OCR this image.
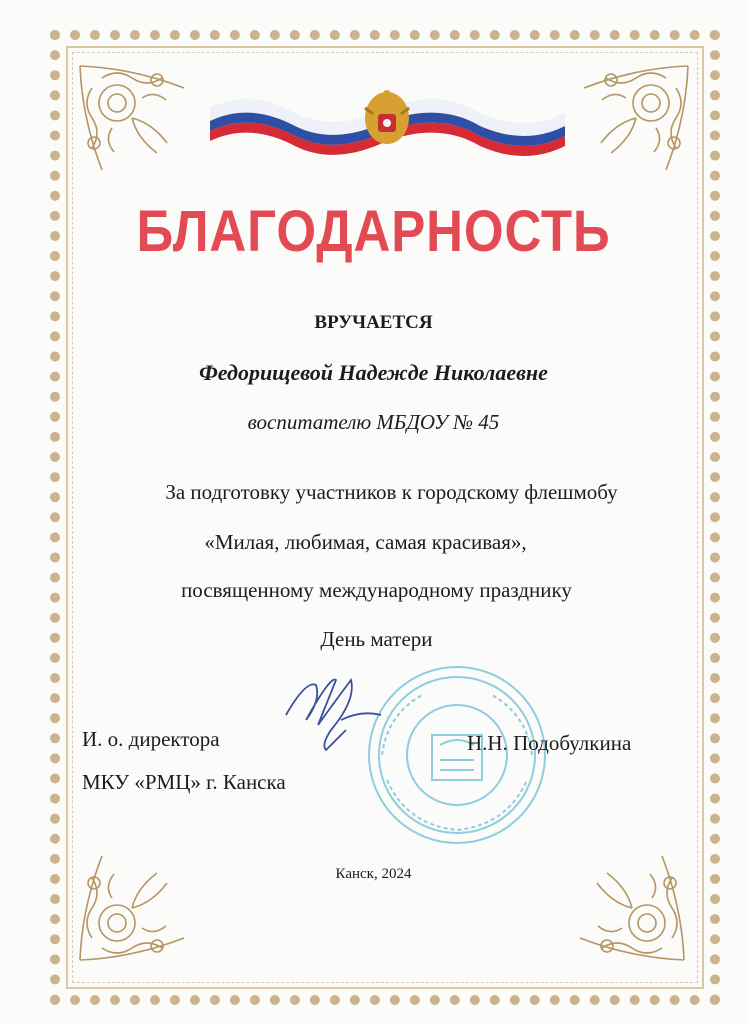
БЛАГОДАРНОСТЬ
ВРУЧАЕТСЯ
Федорищевой Надежде Николаевне
воспитателю МБДОУ № 45
За подготовку участников к городскому флешмобу
«Милая, любимая, самая красивая»,
посвященному международному празднику
День матери
И. о. директора
МКУ «РМЦ» г. Канска
Н.Н. Подобулкина
Канск, 2024
